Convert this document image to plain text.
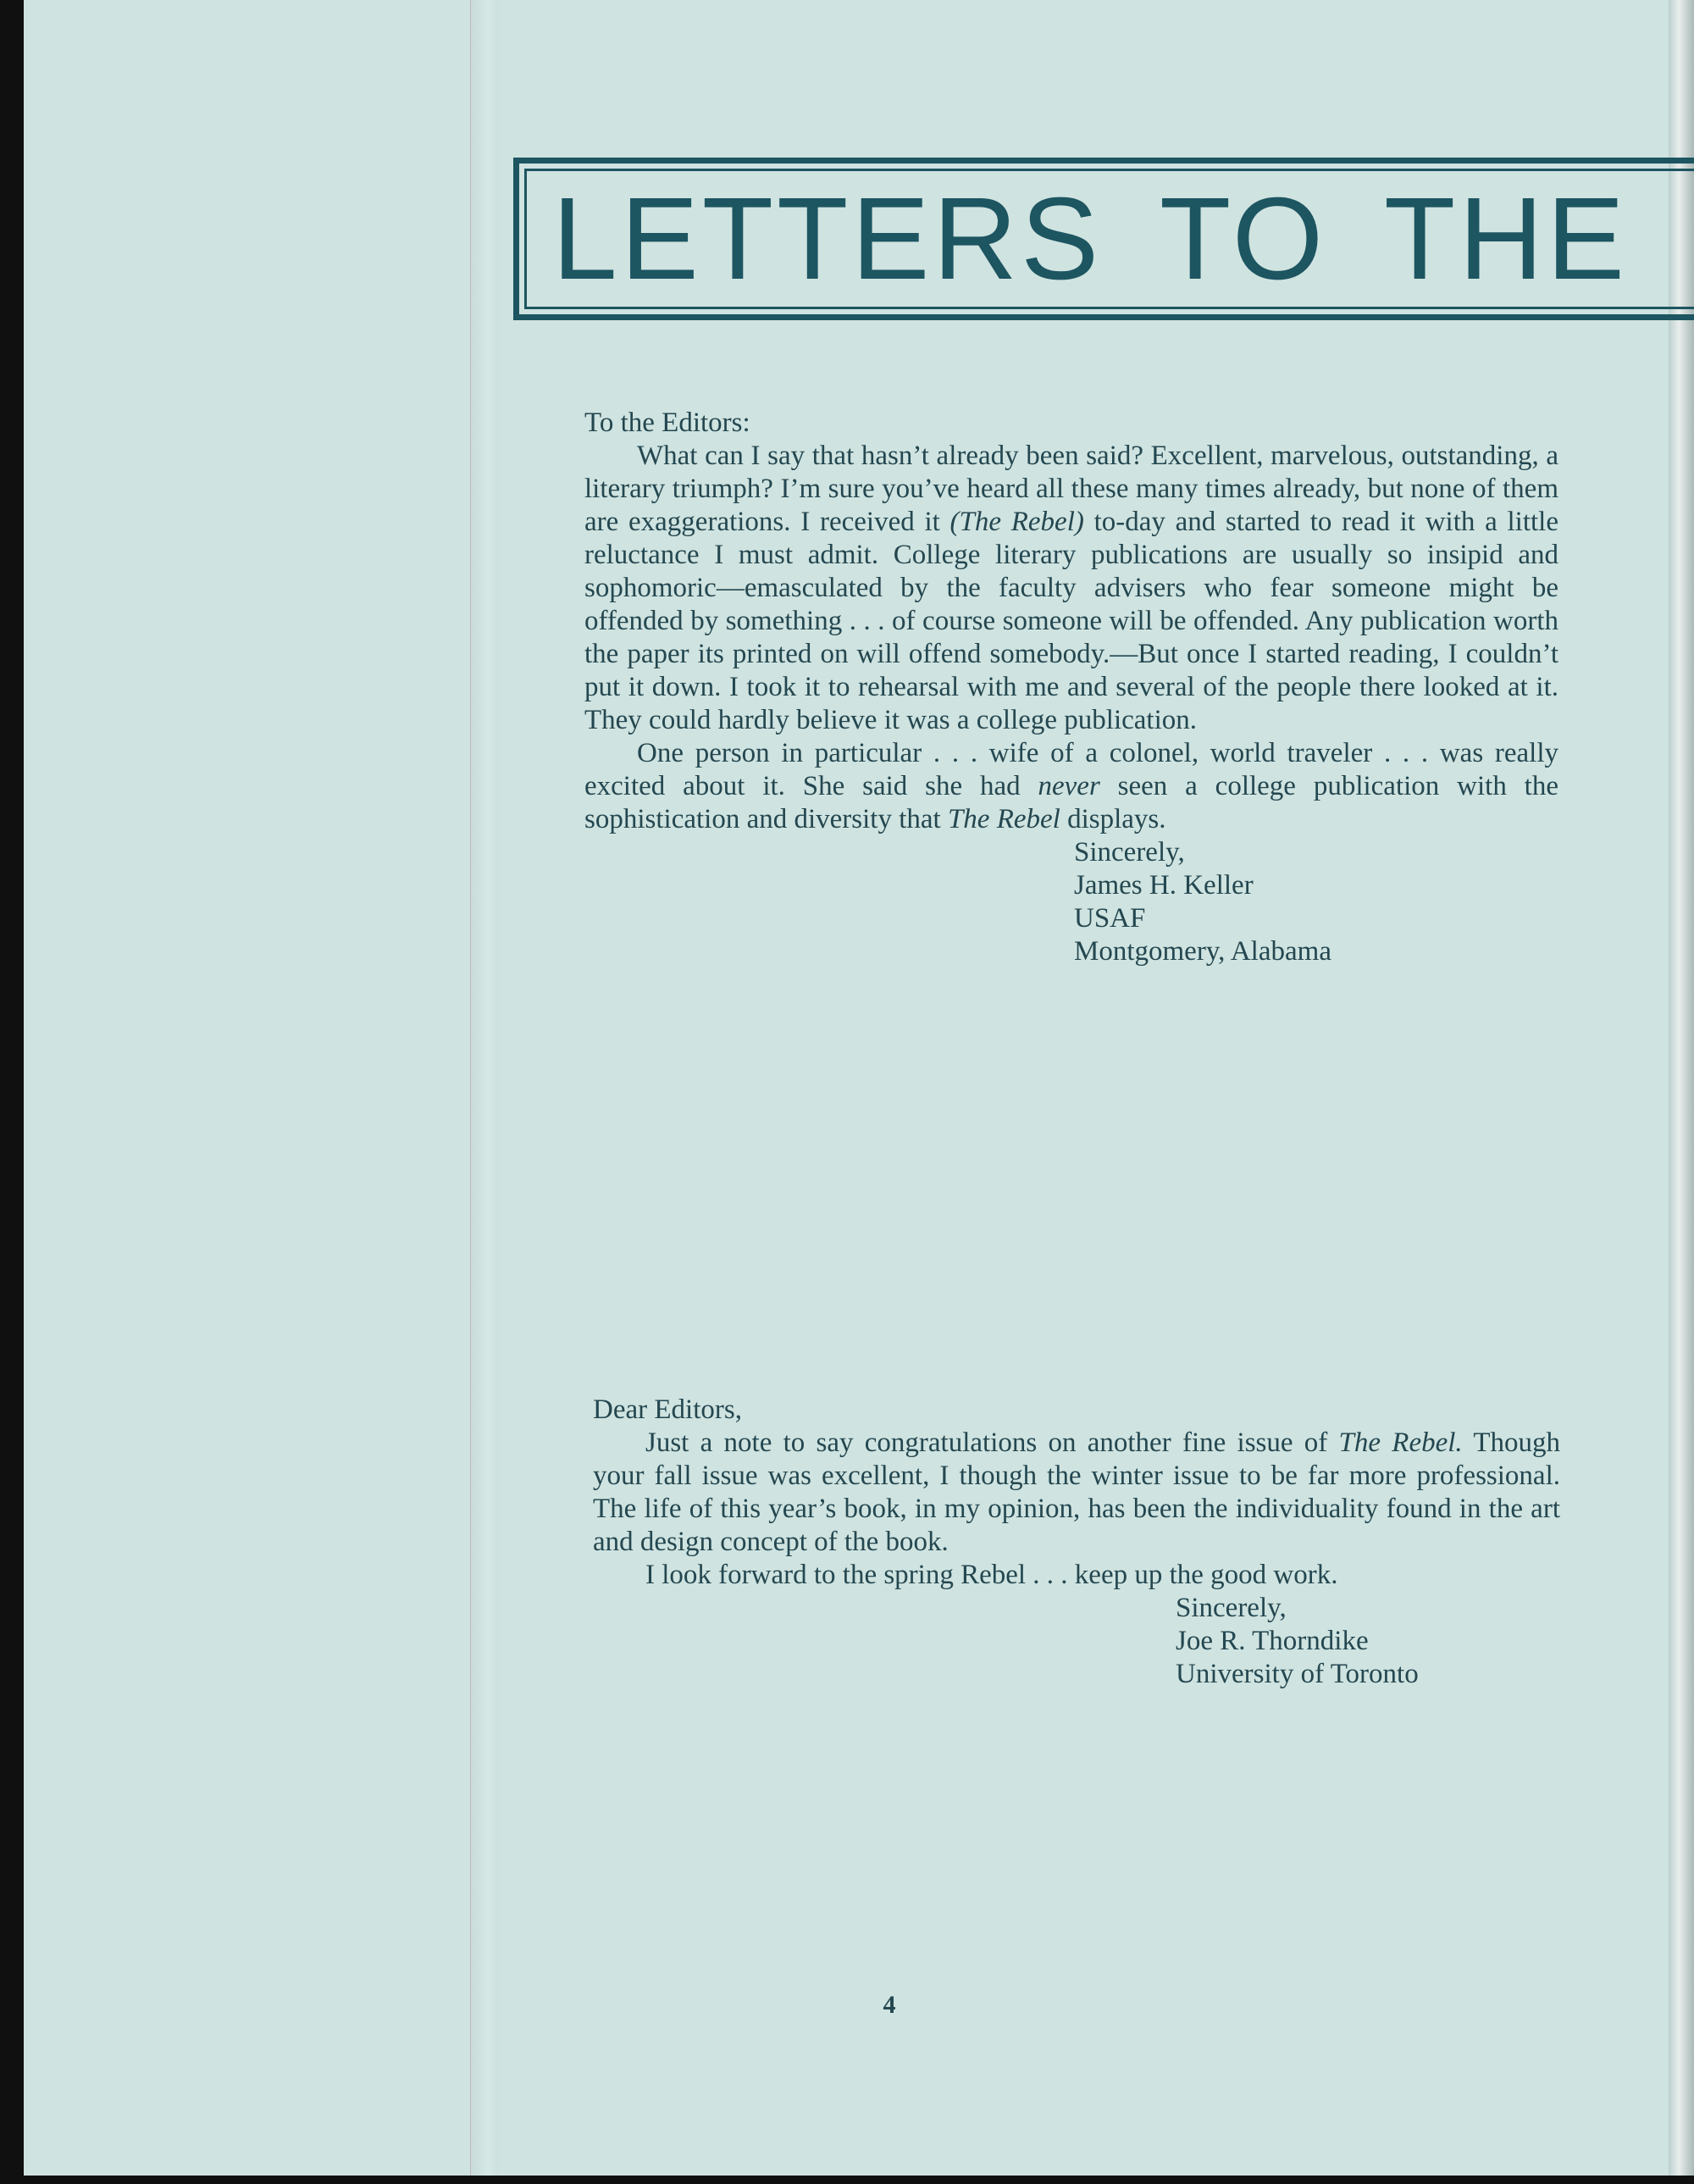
LETTERS TO THE
To the Editors:

What can I say that hasn’t already been said? Excellent, marvelous, outstanding, a literary triumph? I’m sure you’ve heard all these many times already, but none of them are exaggerations. I received it (The Rebel) to-day and started to read it with a little reluctance I must admit. College literary publications are usually so insipid and sophomoric—emasculated by the faculty advisers who fear someone might be offended by something . . . of course someone will be offended. Any publication worth the paper its printed on will offend somebody.—But once I started reading, I couldn’t put it down. I took it to rehearsal with me and several of the people there looked at it. They could hardly believe it was a college publication.

One person in particular . . . wife of a colonel, world traveler . . . was really excited about it. She said she had never seen a college publication with the sophistication and diversity that The Rebel displays.

Sincerely,
James H. Keller
USAF
Montgomery, Alabama
Dear Editors,

Just a note to say congratulations on another fine issue of The Rebel. Though your fall issue was excellent, I though the winter issue to be far more professional. The life of this year’s book, in my opinion, has been the individuality found in the art and design concept of the book.

I look forward to the spring Rebel . . . keep up the good work.

Sincerely,
Joe R. Thorndike
University of Toronto
4
